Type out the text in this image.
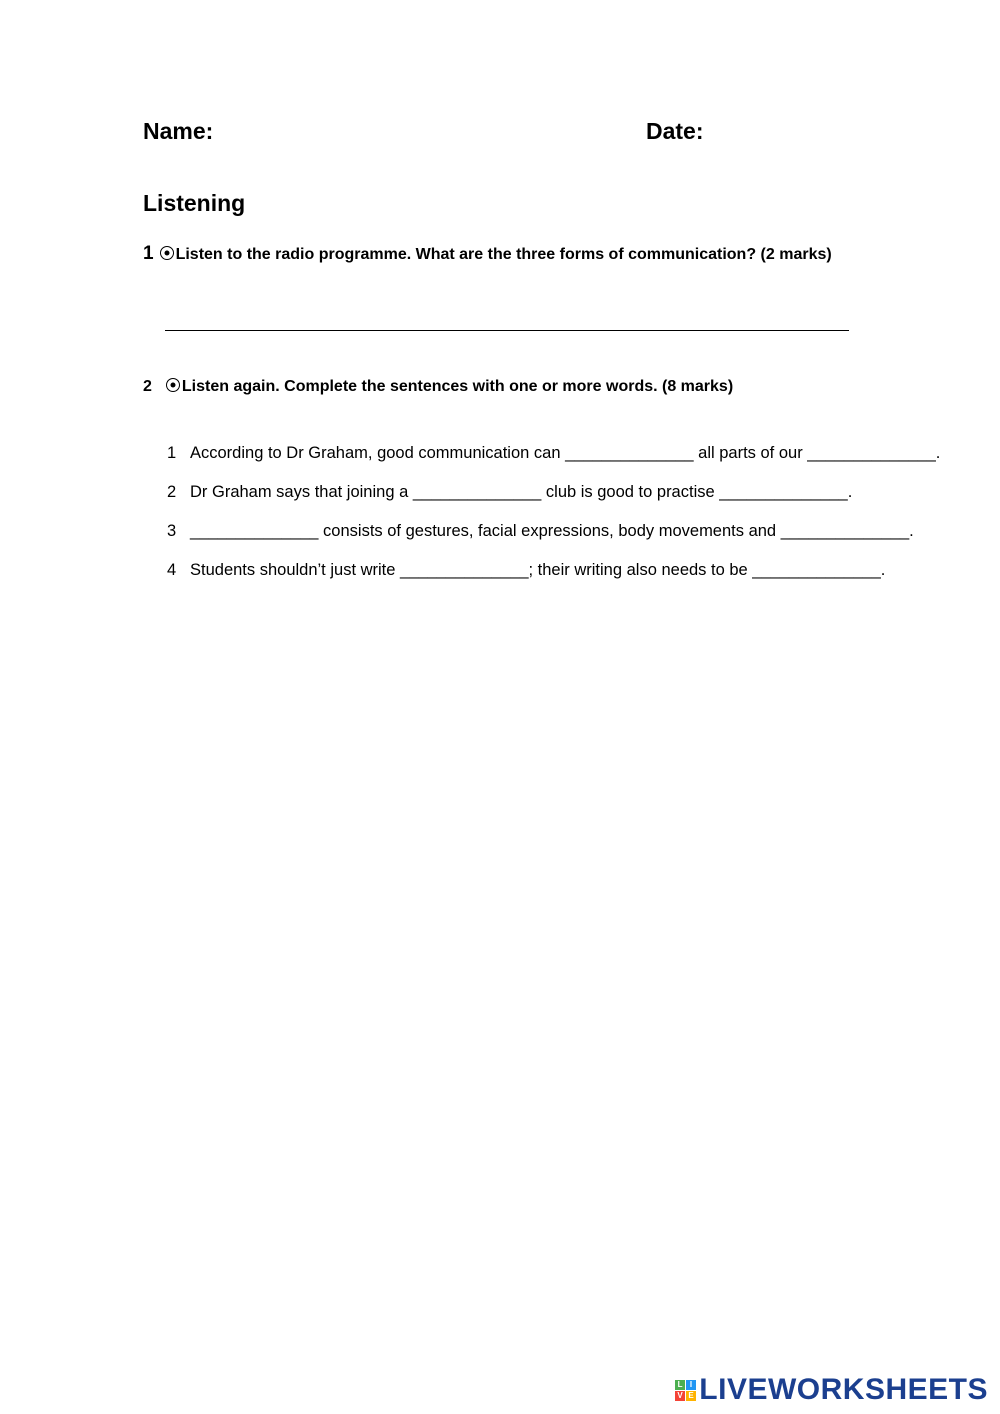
Name:	Date:
Listening
1 Listen to the radio programme. What are the three forms of communication? (2 marks)
2 Listen again. Complete the sentences with one or more words. (8 marks)
1 According to Dr Graham, good communication can ______________ all parts of our ______________.
2 Dr Graham says that joining a ______________ club is good to practise ______________.
3 ______________ consists of gestures, facial expressions, body movements and ______________.
4 Students shouldn’t just write ______________; their writing also needs to be ______________.
L I
V E LIVEWORKSHEETS
